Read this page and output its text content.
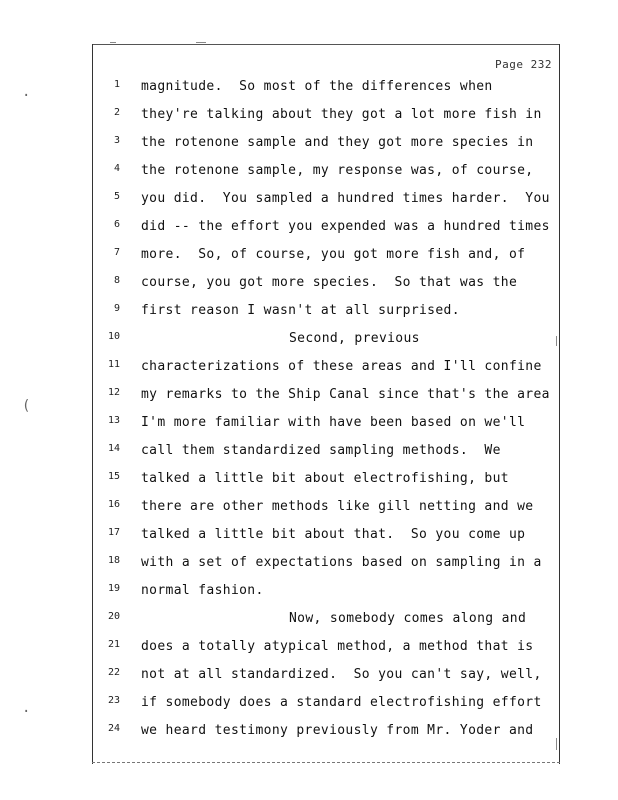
Page 232
·
(
·
1 magnitude.  So most of the differences when
2 they're talking about they got a lot more fish in
3 the rotenone sample and they got more species in
4 the rotenone sample, my response was, of course,
5 you did.  You sampled a hundred times harder.  You
6 did -- the effort you expended was a hundred times
7 more.  So, of course, you got more fish and, of
8 course, you got more species.  So that was the
9 first reason I wasn't at all surprised.
10	Second, previous
11 characterizations of these areas and I'll confine
12 my remarks to the Ship Canal since that's the area
13 I'm more familiar with have been based on we'll
14 call them standardized sampling methods.  We
15 talked a little bit about electrofishing, but
16 there are other methods like gill netting and we
17 talked a little bit about that.  So you come up
18 with a set of expectations based on sampling in a
19 normal fashion.
20	Now, somebody comes along and
21 does a totally atypical method, a method that is
22 not at all standardized.  So you can't say, well,
23 if somebody does a standard electrofishing effort
24 we heard testimony previously from Mr. Yoder and
